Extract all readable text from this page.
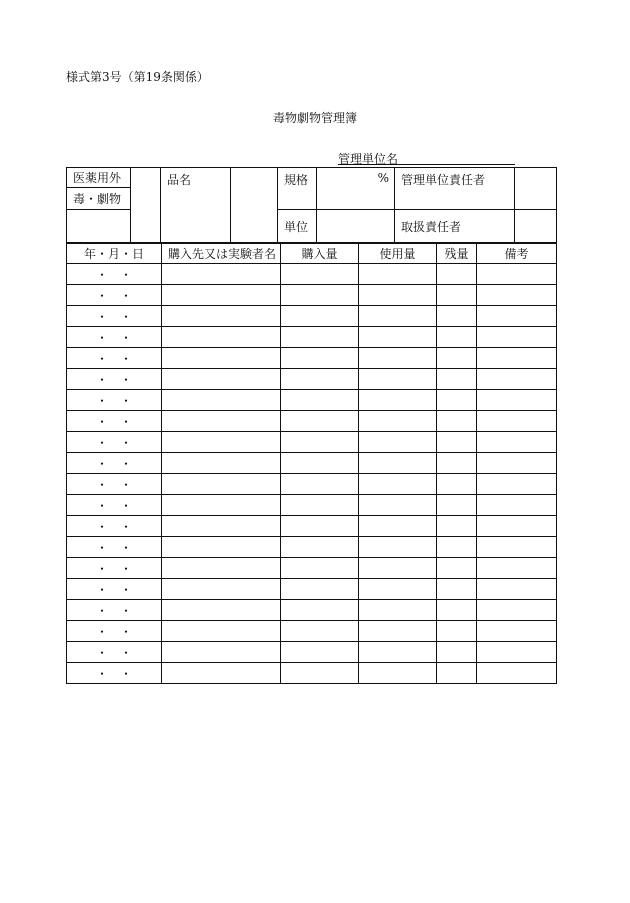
様式第3号（第19条関係）
毒物劇物管理簿
管理単位名
医薬用外		品名		規格	%	管理単位責任者	
毒・劇物							
				単位		取扱責任者	
年・月・日	購入先又は実験者名	購入量	使用量	残量	備考
・　・					
・　・					
・　・					
・　・					
・　・					
・　・					
・　・					
・　・					
・　・					
・　・					
・　・					
・　・					
・　・					
・　・					
・　・					
・　・					
・　・					
・　・					
・　・					
・　・					
